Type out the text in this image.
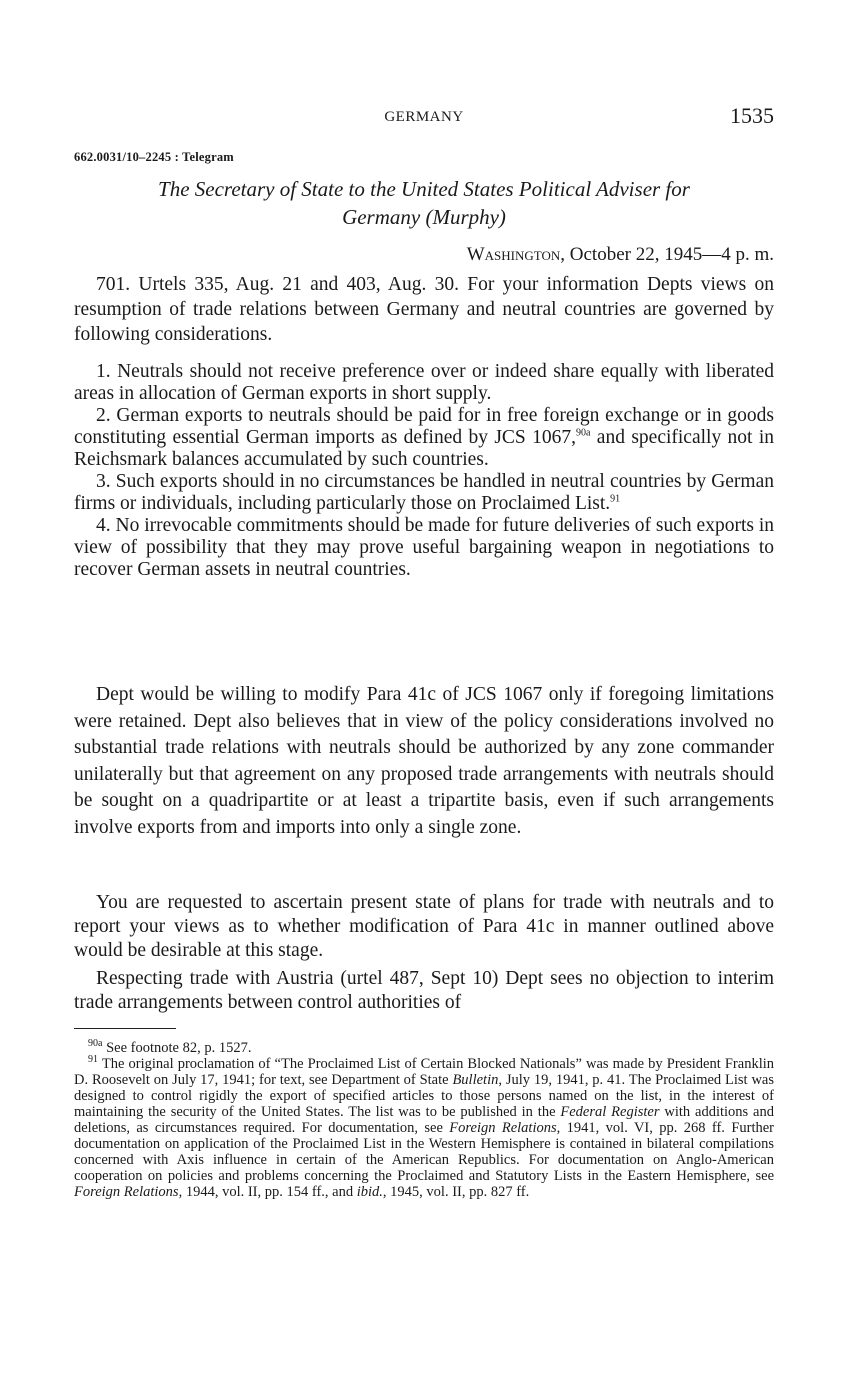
GERMANY	1535
662.0031/10–2245 : Telegram
The Secretary of State to the United States Political Adviser for
Germany (Murphy)
Washington, October 22, 1945—4 p. m.

701. Urtels 335, Aug. 21 and 403, Aug. 30. For your information Depts views on resumption of trade relations between Germany and neutral countries are governed by following considerations.

1. Neutrals should not receive preference over or indeed share equally with liberated areas in allocation of German exports in short supply.
2. German exports to neutrals should be paid for in free foreign exchange or in goods constituting essential German imports as defined by JCS 1067,$^{90a}$ and specifically not in Reichsmark balances accumulated by such countries.
3. Such exports should in no circumstances be handled in neutral countries by German firms or individuals, including particularly those on Proclaimed List.$^{91}$
4. No irrevocable commitments should be made for future deliveries of such exports in view of possibility that they may prove useful bargaining weapon in negotiations to recover German assets in neutral countries.

Dept would be willing to modify Para 41c of JCS 1067 only if foregoing limitations were retained. Dept also believes that in view of the policy considerations involved no substantial trade relations with neutrals should be authorized by any zone commander unilaterally but that agreement on any proposed trade arrangements with neutrals should be sought on a quadripartite or at least a tripartite basis, even if such arrangements involve exports from and imports into only a single zone.

You are requested to ascertain present state of plans for trade with neutrals and to report your views as to whether modification of Para 41c in manner outlined above would be desirable at this stage.

Respecting trade with Austria (urtel 487, Sept 10) Dept sees no objection to interim trade arrangements between control authorities of

$^{90a}$ See footnote 82, p. 1527.

$^{91}$ The original proclamation of “The Proclaimed List of Certain Blocked Nationals” was made by President Franklin D. Roosevelt on July 17, 1941; for text, see Department of State Bulletin, July 19, 1941, p. 41. The Proclaimed List was designed to control rigidly the export of specified articles to those persons named on the list, in the interest of maintaining the security of the United States. The list was to be published in the Federal Register with additions and deletions, as circumstances required. For documentation, see Foreign Relations, 1941, vol. VI, pp. 268 ff. Further documentation on application of the Proclaimed List in the Western Hemisphere is contained in bilateral compilations concerned with Axis influence in certain of the American Republics. For documentation on Anglo-American cooperation on policies and problems concerning the Proclaimed and Statutory Lists in the Eastern Hemisphere, see Foreign Relations, 1944, vol. II, pp. 154 ff., and ibid., 1945, vol. II, pp. 827 ff.
